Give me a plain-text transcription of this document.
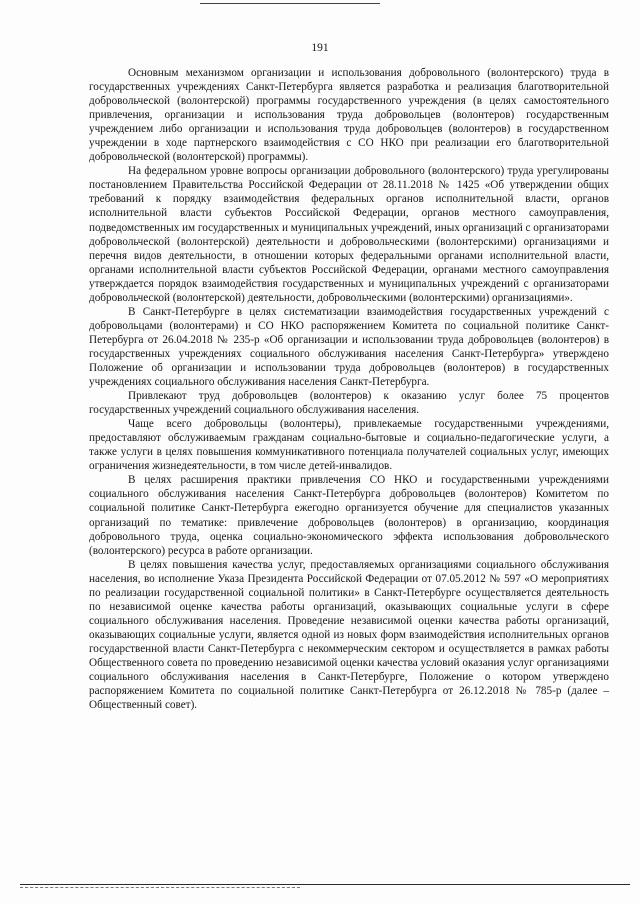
191

Основным механизмом организации и использования добровольного (волонтерского) труда в государственных учреждениях Санкт-Петербурга является разработка и реализация благотворительной добровольческой (волонтерской) программы государственного учреждения (в целях самостоятельного привлечения, организации и использования труда добровольцев (волонтеров) государственным учреждением либо организации и использования труда добровольцев (волонтеров) в государственном учреждении в ходе партнерского взаимодействия с СО НКО при реализации его благотворительной добровольческой (волонтерской) программы).

На федеральном уровне вопросы организации добровольного (волонтерского) труда урегулированы постановлением Правительства Российской Федерации от 28.11.2018 № 1425 «Об утверждении общих требований к порядку взаимодействия федеральных органов исполнительной власти, органов исполнительной власти субъектов Российской Федерации, органов местного самоуправления, подведомственных им государственных и муниципальных учреждений, иных организаций с организаторами добровольческой (волонтерской) деятельности и добровольческими (волонтерскими) организациями и перечня видов деятельности, в отношении которых федеральными органами исполнительной власти, органами исполнительной власти субъектов Российской Федерации, органами местного самоуправления утверждается порядок взаимодействия государственных и муниципальных учреждений с организаторами добровольческой (волонтерской) деятельности, добровольческими (волонтерскими) организациями».

В Санкт-Петербурге в целях систематизации взаимодействия государственных учреждений с добровольцами (волонтерами) и СО НКО распоряжением Комитета по социальной политике Санкт-Петербурга от 26.04.2018 № 235-р «Об организации и использовании труда добровольцев (волонтеров) в государственных учреждениях социального обслуживания населения Санкт-Петербурга» утверждено Положение об организации и использовании труда добровольцев (волонтеров) в государственных учреждениях социального обслуживания населения Санкт-Петербурга.

Привлекают труд добровольцев (волонтеров) к оказанию услуг более 75 процентов государственных учреждений социального обслуживания населения.

Чаще всего добровольцы (волонтеры), привлекаемые государственными учреждениями, предоставляют обслуживаемым гражданам социально-бытовые и социально-педагогические услуги, а также услуги в целях повышения коммуникативного потенциала получателей социальных услуг, имеющих ограничения жизнедеятельности, в том числе детей-инвалидов.

В целях расширения практики привлечения СО НКО и государственными учреждениями социального обслуживания населения Санкт-Петербурга добровольцев (волонтеров) Комитетом по социальной политике Санкт-Петербурга ежегодно организуется обучение для специалистов указанных организаций по тематике: привлечение добровольцев (волонтеров) в организацию, координация добровольного труда, оценка социально-экономического эффекта использования добровольческого (волонтерского) ресурса в работе организации.

В целях повышения качества услуг, предоставляемых организациями социального обслуживания населения, во исполнение Указа Президента Российской Федерации от 07.05.2012 № 597 «О мероприятиях по реализации государственной социальной политики» в Санкт-Петербурге осуществляется деятельность по независимой оценке качества работы организаций, оказывающих социальные услуги в сфере социального обслуживания населения. Проведение независимой оценки качества работы организаций, оказывающих социальные услуги, является одной из новых форм взаимодействия исполнительных органов государственной власти Санкт-Петербурга с некоммерческим сектором и осуществляется в рамках работы Общественного совета по проведению независимой оценки качества условий оказания услуг организациями социального обслуживания населения в Санкт-Петербурге, Положение о котором утверждено распоряжением Комитета по социальной политике Санкт-Петербурга от 26.12.2018 № 785-р (далее – Общественный совет).
